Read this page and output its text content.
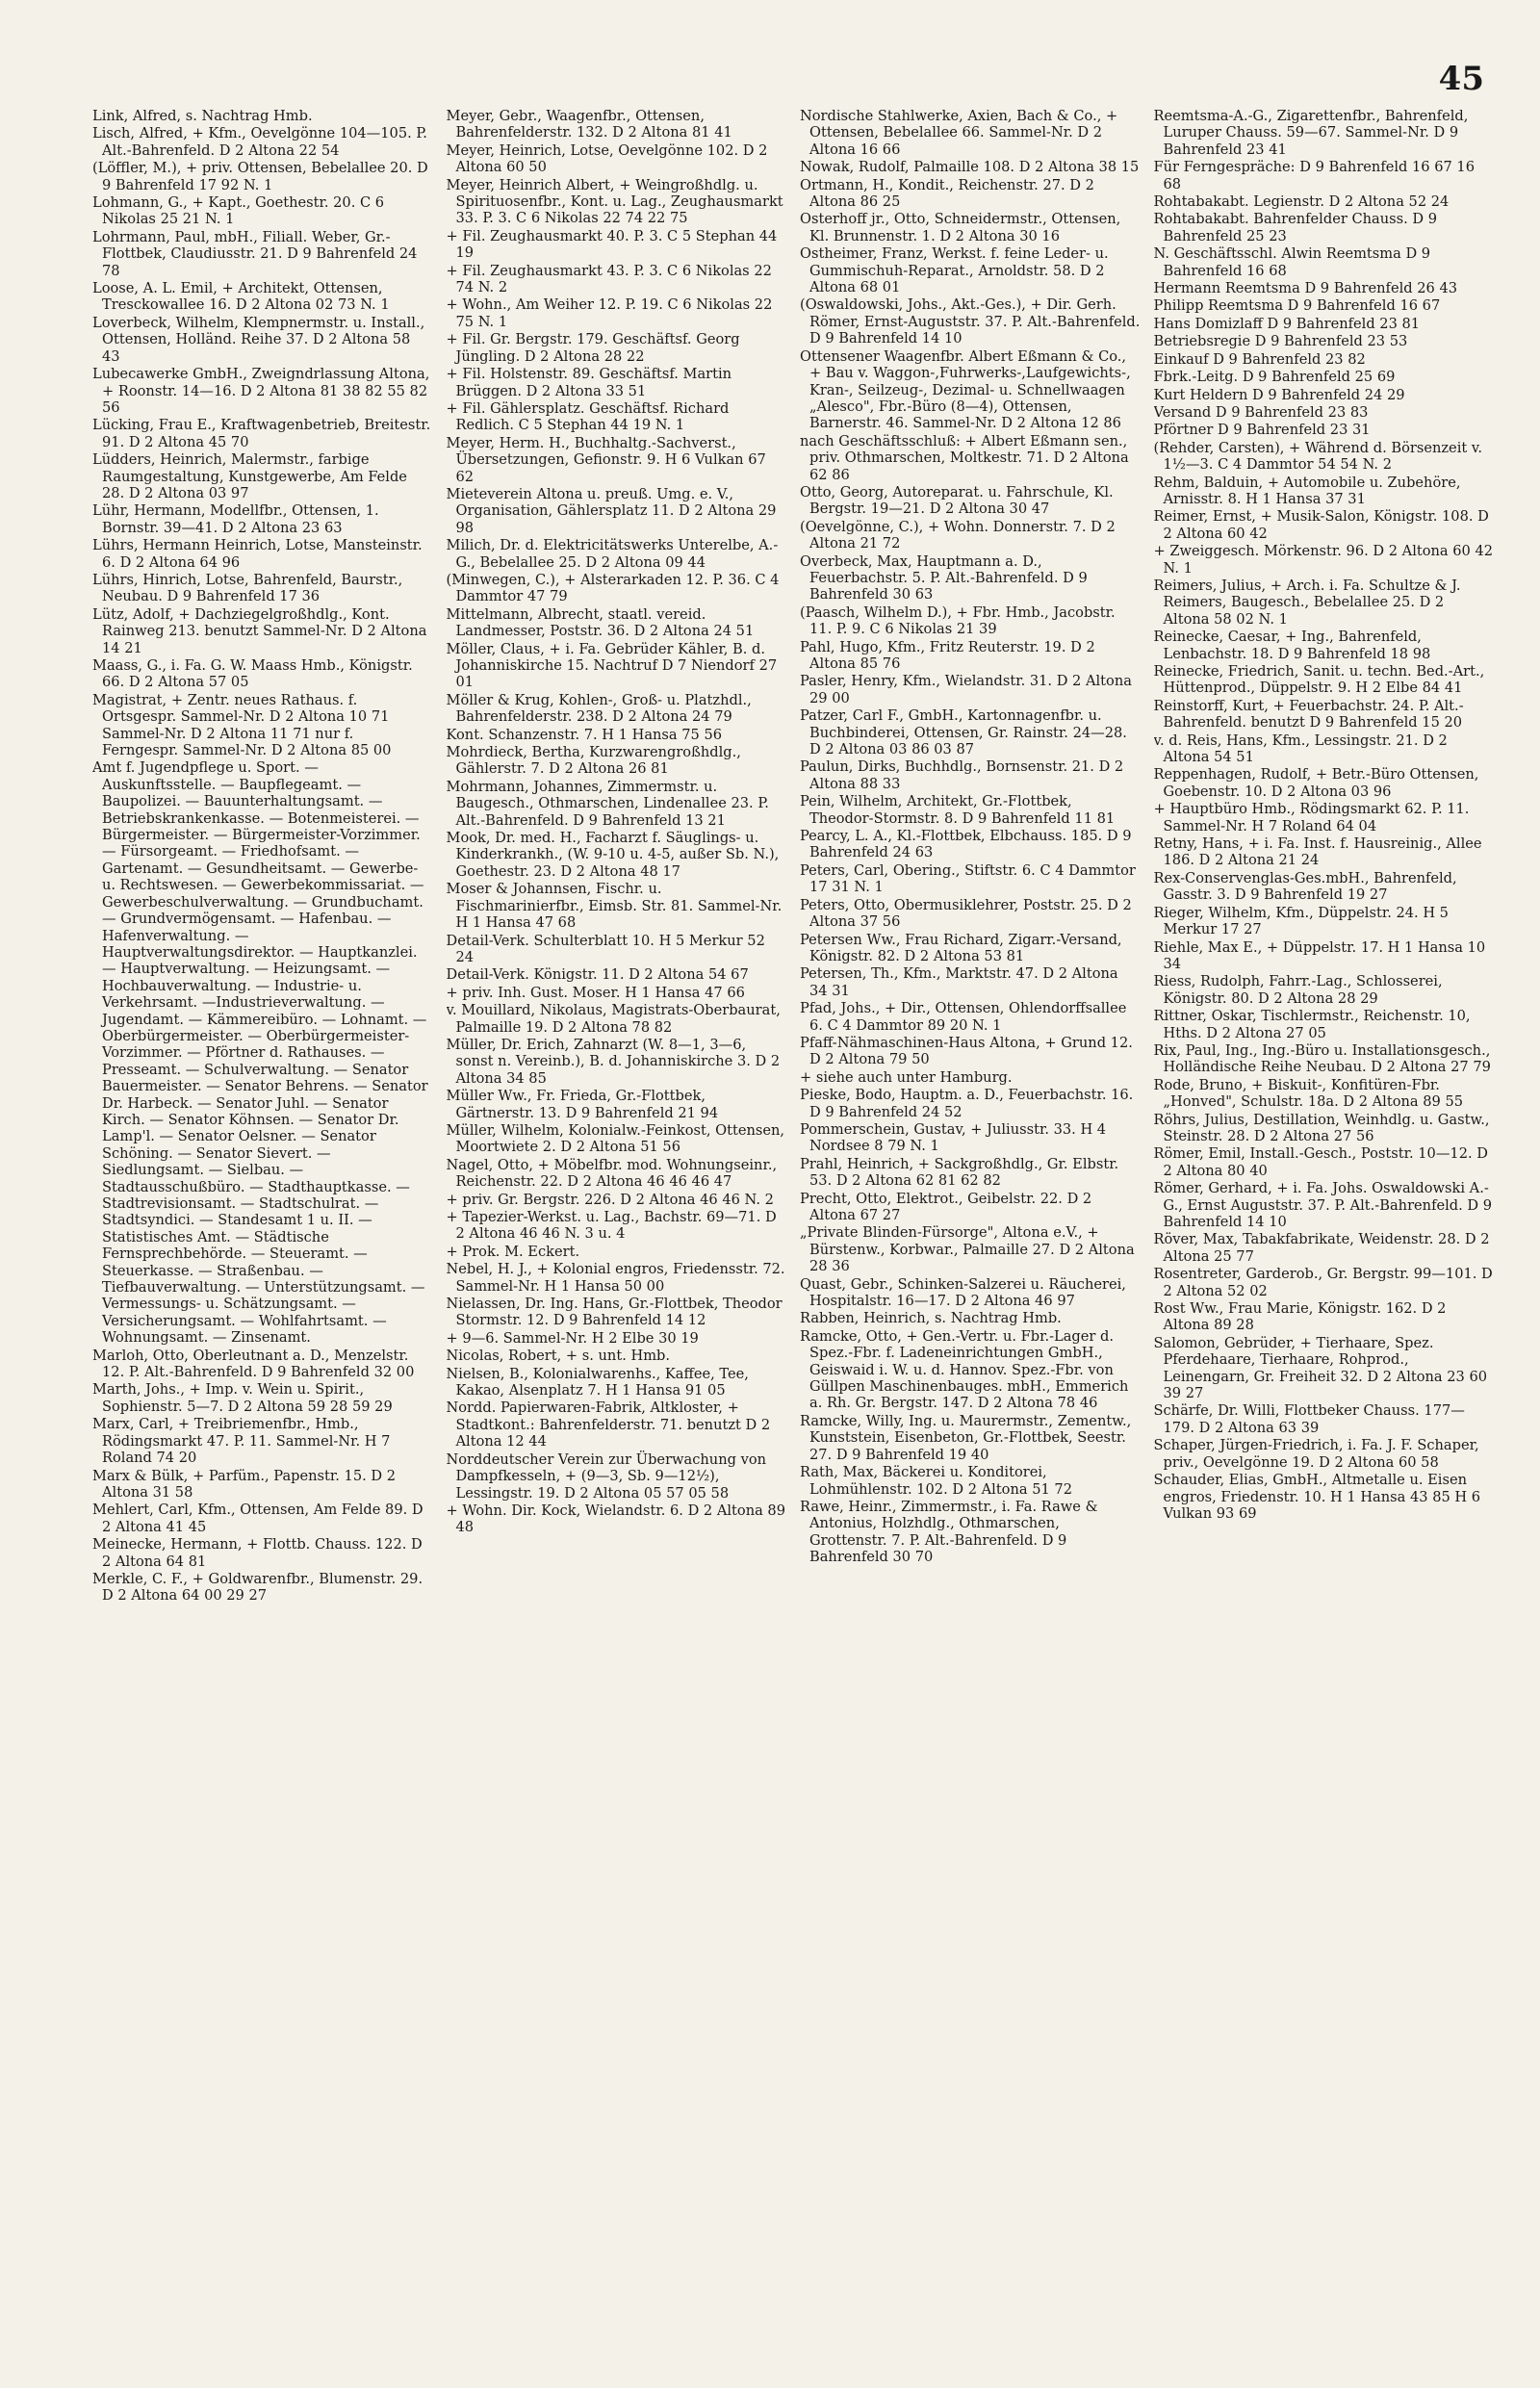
45

Link, Alfred, s. Nachtrag Hmb.

Lisch, Alfred, + Kfm., Oevelgönne 104—105. P. Alt.-Bahrenfeld. D 2 Altona 22 54

(Löffler, M.), + priv. Ottensen, Bebelallee 20. D 9 Bahrenfeld 17 92 N. 1

Lohmann, G., + Kapt., Goethestr. 20. C 6 Nikolas 25 21 N. 1

Lohrmann, Paul, mbH., Filiall. Weber, Gr.-Flottbek, Claudiusstr. 21. D 9 Bahrenfeld 24 78

Loose, A. L. Emil, + Architekt, Ottensen, Tresckowallee 16. D 2 Altona 02 73 N. 1

Loverbeck, Wilhelm, Klempnermstr. u. Install., Ottensen, Holländ. Reihe 37. D 2 Altona 58 43

Lubecawerke GmbH., Zweigndrlassung Altona, + Roonstr. 14—16. D 2 Altona 81 38 82 55 82 56

Lücking, Frau E., Kraftwagenbetrieb, Breitestr. 91. D 2 Altona 45 70

Lüdders, Heinrich, Malermstr., farbige Raumgestaltung, Kunstgewerbe, Am Felde 28. D 2 Altona 03 97

Lühr, Hermann, Modellfbr., Ottensen, 1. Bornstr. 39—41. D 2 Altona 23 63

Lührs, Hermann Heinrich, Lotse, Mansteinstr. 6. D 2 Altona 64 96

Lührs, Hinrich, Lotse, Bahrenfeld, Baurstr., Neubau. D 9 Bahrenfeld 17 36

Lütz, Adolf, + Dachziegelgroßhdlg., Kont. Rainweg 213. benutzt Sammel-Nr. D 2 Altona 14 21

Maass, G., i. Fa. G. W. Maass Hmb., Königstr. 66. D 2 Altona 57 05

Magistrat, + Zentr. neues Rathaus. f. Ortsgespr. Sammel-Nr. D 2 Altona 10 71 Sammel-Nr. D 2 Altona 11 71 nur f. Ferngespr. Sammel-Nr. D 2 Altona 85 00

Amt f. Jugendpflege u. Sport. — Auskunftsstelle. — Baupflegeamt. — Baupolizei. — Bauunterhaltungsamt. — Betriebskrankenkasse. — Botenmeisterei. — Bürgermeister. — Bürgermeister-Vorzimmer. — Fürsorgeamt. — Friedhofsamt. — Gartenamt. — Gesundheitsamt. — Gewerbe- u. Rechtswesen. — Gewerbekommissariat. — Gewerbeschulverwaltung. — Grundbuchamt. — Grundvermögensamt. — Hafenbau. — Hafenverwaltung. — Hauptverwaltungsdirektor. — Hauptkanzlei. — Hauptverwaltung. — Heizungsamt. — Hochbauverwaltung. — Industrie- u. Verkehrsamt. —Industrieverwaltung. — Jugendamt. — Kämmereibüro. — Lohnamt. — Oberbürgermeister. — Oberbürgermeister-Vorzimmer. — Pförtner d. Rathauses. — Presseamt. — Schulverwaltung. — Senator Bauermeister. — Senator Behrens. — Senator Dr. Harbeck. — Senator Juhl. — Senator Kirch. — Senator Köhnsen. — Senator Dr. Lamp'l. — Senator Oelsner. — Senator Schöning. — Senator Sievert. — Siedlungsamt. — Sielbau. — Stadtausschußbüro. — Stadthauptkasse. — Stadtrevisionsamt. — Stadtschulrat. — Stadtsyndici. — Standesamt 1 u. II. — Statistisches Amt. — Städtische Fernsprechbehörde. — Steueramt. — Steuerkasse. — Straßenbau. — Tiefbauverwaltung. — Unterstützungsamt. — Vermessungs- u. Schätzungsamt. — Versicherungsamt. — Wohlfahrtsamt. — Wohnungsamt. — Zinsenamt.

Marloh, Otto, Oberleutnant a. D., Menzelstr. 12. P. Alt.-Bahrenfeld. D 9 Bahrenfeld 32 00

Marth, Johs., + Imp. v. Wein u. Spirit., Sophienstr. 5—7. D 2 Altona 59 28 59 29

Marx, Carl, + Treibriemenfbr., Hmb., Rödingsmarkt 47. P. 11. Sammel-Nr. H 7 Roland 74 20

Marx & Bülk, + Parfüm., Papenstr. 15. D 2 Altona 31 58

Mehlert, Carl, Kfm., Ottensen, Am Felde 89. D 2 Altona 41 45

Meinecke, Hermann, + Flottb. Chauss. 122. D 2 Altona 64 81

Merkle, C. F., + Goldwarenfbr., Blumenstr. 29. D 2 Altona 64 00 29 27

Meyer, Gebr., Waagenfbr., Ottensen, Bahrenfelderstr. 132. D 2 Altona 81 41

Meyer, Heinrich, Lotse, Oevelgönne 102. D 2 Altona 60 50

Meyer, Heinrich Albert, + Weingroßhdlg. u. Spirituosenfbr., Kont. u. Lag., Zeughausmarkt 33. P. 3. C 6 Nikolas 22 74 22 75

+ Fil. Zeughausmarkt 40. P. 3. C 5 Stephan 44 19

+ Fil. Zeughausmarkt 43. P. 3. C 6 Nikolas 22 74 N. 2

+ Wohn., Am Weiher 12. P. 19. C 6 Nikolas 22 75 N. 1

+ Fil. Gr. Bergstr. 179. Geschäftsf. Georg Jüngling. D 2 Altona 28 22

+ Fil. Holstenstr. 89. Geschäftsf. Martin Brüggen. D 2 Altona 33 51

+ Fil. Gählersplatz. Geschäftsf. Richard Redlich. C 5 Stephan 44 19 N. 1

Meyer, Herm. H., Buchhaltg.-Sachverst., Übersetzungen, Gefionstr. 9. H 6 Vulkan 67 62

Mieteverein Altona u. preuß. Umg. e. V., Organisation, Gählersplatz 11. D 2 Altona 29 98

Milich, Dr. d. Elektricitätswerks Unterelbe, A.-G., Bebelallee 25. D 2 Altona 09 44

(Minwegen, C.), + Alsterarkaden 12. P. 36. C 4 Dammtor 47 79

Mittelmann, Albrecht, staatl. vereid. Landmesser, Poststr. 36. D 2 Altona 24 51

Möller, Claus, + i. Fa. Gebrüder Kähler, B. d. Johanniskirche 15. Nachtruf D 7 Niendorf 27 01

Möller & Krug, Kohlen-, Groß- u. Platzhdl., Bahrenfelderstr. 238. D 2 Altona 24 79

Kont. Schanzenstr. 7. H 1 Hansa 75 56

Mohrdieck, Bertha, Kurzwarengroßhdlg., Gählerstr. 7. D 2 Altona 26 81

Mohrmann, Johannes, Zimmermstr. u. Baugesch., Othmarschen, Lindenallee 23. P. Alt.-Bahrenfeld. D 9 Bahrenfeld 13 21

Mook, Dr. med. H., Facharzt f. Säuglings- u. Kinderkrankh., (W. 9-10 u. 4-5, außer Sb. N.), Goethestr. 23. D 2 Altona 48 17

Moser & Johannsen, Fischr. u. Fischmarinierfbr., Eimsb. Str. 81. Sammel-Nr. H 1 Hansa 47 68

Detail-Verk. Schulterblatt 10. H 5 Merkur 52 24

Detail-Verk. Königstr. 11. D 2 Altona 54 67

+ priv. Inh. Gust. Moser. H 1 Hansa 47 66

v. Mouillard, Nikolaus, Magistrats-Oberbaurat, Palmaille 19. D 2 Altona 78 82

Müller, Dr. Erich, Zahnarzt (W. 8—1, 3—6, sonst n. Vereinb.), B. d. Johanniskirche 3. D 2 Altona 34 85

Müller Ww., Fr. Frieda, Gr.-Flottbek, Gärtnerstr. 13. D 9 Bahrenfeld 21 94

Müller, Wilhelm, Kolonialw.-Feinkost, Ottensen, Moortwiete 2. D 2 Altona 51 56

Nagel, Otto, + Möbelfbr. mod. Wohnungseinr., Reichenstr. 22. D 2 Altona 46 46 46 47

+ priv. Gr. Bergstr. 226. D 2 Altona 46 46 N. 2

+ Tapezier-Werkst. u. Lag., Bachstr. 69—71. D 2 Altona 46 46 N. 3 u. 4

+ Prok. M. Eckert.

Nebel, H. J., + Kolonial engros, Friedensstr. 72. Sammel-Nr. H 1 Hansa 50 00

Nielassen, Dr. Ing. Hans, Gr.-Flottbek, Theodor Stormstr. 12. D 9 Bahrenfeld 14 12

+ 9—6. Sammel-Nr. H 2 Elbe 30 19

Nicolas, Robert, + s. unt. Hmb.

Nielsen, B., Kolonialwarenhs., Kaffee, Tee, Kakao, Alsenplatz 7. H 1 Hansa 91 05

Nordd. Papierwaren-Fabrik, Altkloster, + Stadtkont.: Bahrenfelderstr. 71. benutzt D 2 Altona 12 44

Norddeutscher Verein zur Überwachung von Dampfkesseln, + (9—3, Sb. 9—12½), Lessingstr. 19. D 2 Altona 05 57 05 58

+ Wohn. Dir. Kock, Wielandstr. 6. D 2 Altona 89 48

Nordische Stahlwerke, Axien, Bach & Co., + Ottensen, Bebelallee 66. Sammel-Nr. D 2 Altona 16 66

Nowak, Rudolf, Palmaille 108. D 2 Altona 38 15

Ortmann, H., Kondit., Reichenstr. 27. D 2 Altona 86 25

Osterhoff jr., Otto, Schneidermstr., Ottensen, Kl. Brunnenstr. 1. D 2 Altona 30 16

Ostheimer, Franz, Werkst. f. feine Leder- u. Gummischuh-Reparat., Arnoldstr. 58. D 2 Altona 68 01

(Oswaldowski, Johs., Akt.-Ges.), + Dir. Gerh. Römer, Ernst-Auguststr. 37. P. Alt.-Bahrenfeld. D 9 Bahrenfeld 14 10

Ottensener Waagenfbr. Albert Eßmann & Co., + Bau v. Waggon-,Fuhrwerks-,Laufgewichts-, Kran-, Seilzeug-, Dezimal- u. Schnellwaagen „Alesco", Fbr.-Büro (8—4), Ottensen, Barnerstr. 46. Sammel-Nr. D 2 Altona 12 86

nach Geschäftsschluß: + Albert Eßmann sen., priv. Othmarschen, Moltkestr. 71. D 2 Altona 62 86

Otto, Georg, Autoreparat. u. Fahrschule, Kl. Bergstr. 19—21. D 2 Altona 30 47

(Oevelgönne, C.), + Wohn. Donnerstr. 7. D 2 Altona 21 72

Overbeck, Max, Hauptmann a. D., Feuerbachstr. 5. P. Alt.-Bahrenfeld. D 9 Bahrenfeld 30 63

(Paasch, Wilhelm D.), + Fbr. Hmb., Jacobstr. 11. P. 9. C 6 Nikolas 21 39

Pahl, Hugo, Kfm., Fritz Reuterstr. 19. D 2 Altona 85 76

Pasler, Henry, Kfm., Wielandstr. 31. D 2 Altona 29 00

Patzer, Carl F., GmbH., Kartonnagenfbr. u. Buchbinderei, Ottensen, Gr. Rainstr. 24—28. D 2 Altona 03 86 03 87

Paulun, Dirks, Buchhdlg., Bornsenstr. 21. D 2 Altona 88 33

Pein, Wilhelm, Architekt, Gr.-Flottbek, Theodor-Stormstr. 8. D 9 Bahrenfeld 11 81

Pearcy, L. A., Kl.-Flottbek, Elbchauss. 185. D 9 Bahrenfeld 24 63

Peters, Carl, Obering., Stiftstr. 6. C 4 Dammtor 17 31 N. 1

Peters, Otto, Obermusiklehrer, Poststr. 25. D 2 Altona 37 56

Petersen Ww., Frau Richard, Zigarr.-Versand, Königstr. 82. D 2 Altona 53 81

Petersen, Th., Kfm., Marktstr. 47. D 2 Altona 34 31

Pfad, Johs., + Dir., Ottensen, Ohlendorffsallee 6. C 4 Dammtor 89 20 N. 1

Pfaff-Nähmaschinen-Haus Altona, + Grund 12. D 2 Altona 79 50

+ siehe auch unter Hamburg.

Pieske, Bodo, Hauptm. a. D., Feuerbachstr. 16. D 9 Bahrenfeld 24 52

Pommerschein, Gustav, + Juliusstr. 33. H 4 Nordsee 8 79 N. 1

Prahl, Heinrich, + Sackgroßhdlg., Gr. Elbstr. 53. D 2 Altona 62 81 62 82

Precht, Otto, Elektrot., Geibelstr. 22. D 2 Altona 67 27

„Private Blinden-Fürsorge", Altona e.V., + Bürstenw., Korbwar., Palmaille 27. D 2 Altona 28 36

Quast, Gebr., Schinken-Salzerei u. Räucherei, Hospitalstr. 16—17. D 2 Altona 46 97

Rabben, Heinrich, s. Nachtrag Hmb.

Ramcke, Otto, + Gen.-Vertr. u. Fbr.-Lager d. Spez.-Fbr. f. Ladeneinrichtungen GmbH., Geiswaid i. W. u. d. Hannov. Spez.-Fbr. von Güllpen Maschinenbauges. mbH., Emmerich a. Rh. Gr. Bergstr. 147. D 2 Altona 78 46

Ramcke, Willy, Ing. u. Maurermstr., Zementw., Kunststein, Eisenbeton, Gr.-Flottbek, Seestr. 27. D 9 Bahrenfeld 19 40

Rath, Max, Bäckerei u. Konditorei, Lohmühlenstr. 102. D 2 Altona 51 72

Rawe, Heinr., Zimmermstr., i. Fa. Rawe & Antonius, Holzhdlg., Othmarschen, Grottenstr. 7. P. Alt.-Bahrenfeld. D 9 Bahrenfeld 30 70

Reemtsma-A.-G., Zigarettenfbr., Bahrenfeld, Luruper Chauss. 59—67. Sammel-Nr. D 9 Bahrenfeld 23 41

Für Ferngespräche: D 9 Bahrenfeld 16 67 16 68

Rohtabakabt. Legienstr. D 2 Altona 52 24

Rohtabakabt. Bahrenfelder Chauss. D 9 Bahrenfeld 25 23

N. Geschäftsschl. Alwin Reemtsma D 9 Bahrenfeld 16 68

Hermann Reemtsma D 9 Bahrenfeld 26 43

Philipp Reemtsma D 9 Bahrenfeld 16 67

Hans Domizlaff D 9 Bahrenfeld 23 81

Betriebsregie D 9 Bahrenfeld 23 53

Einkauf D 9 Bahrenfeld 23 82

Fbrk.-Leitg. D 9 Bahrenfeld 25 69

Kurt Heldern D 9 Bahrenfeld 24 29

Versand D 9 Bahrenfeld 23 83

Pförtner D 9 Bahrenfeld 23 31

(Rehder, Carsten), + Während d. Börsenzeit v. 1½—3. C 4 Dammtor 54 54 N. 2

Rehm, Balduin, + Automobile u. Zubehöre, Arnisstr. 8. H 1 Hansa 37 31

Reimer, Ernst, + Musik-Salon, Königstr. 108. D 2 Altona 60 42

+ Zweiggesch. Mörkenstr. 96. D 2 Altona 60 42 N. 1

Reimers, Julius, + Arch. i. Fa. Schultze & J. Reimers, Baugesch., Bebelallee 25. D 2 Altona 58 02 N. 1

Reinecke, Caesar, + Ing., Bahrenfeld, Lenbachstr. 18. D 9 Bahrenfeld 18 98

Reinecke, Friedrich, Sanit. u. techn. Bed.-Art., Hüttenprod., Düppelstr. 9. H 2 Elbe 84 41

Reinstorff, Kurt, + Feuerbachstr. 24. P. Alt.-Bahrenfeld. benutzt D 9 Bahrenfeld 15 20

v. d. Reis, Hans, Kfm., Lessingstr. 21. D 2 Altona 54 51

Reppenhagen, Rudolf, + Betr.-Büro Ottensen, Goebenstr. 10. D 2 Altona 03 96

+ Hauptbüro Hmb., Rödingsmarkt 62. P. 11. Sammel-Nr. H 7 Roland 64 04

Retny, Hans, + i. Fa. Inst. f. Hausreinig., Allee 186. D 2 Altona 21 24

Rex-Conservenglas-Ges.mbH., Bahrenfeld, Gasstr. 3. D 9 Bahrenfeld 19 27

Rieger, Wilhelm, Kfm., Düppelstr. 24. H 5 Merkur 17 27

Riehle, Max E., + Düppelstr. 17. H 1 Hansa 10 34

Riess, Rudolph, Fahrr.-Lag., Schlosserei, Königstr. 80. D 2 Altona 28 29

Rittner, Oskar, Tischlermstr., Reichenstr. 10, Hths. D 2 Altona 27 05

Rix, Paul, Ing., Ing.-Büro u. Installationsgesch., Holländische Reihe Neubau. D 2 Altona 27 79

Rode, Bruno, + Biskuit-, Konfitüren-Fbr. „Honved", Schulstr. 18a. D 2 Altona 89 55

Röhrs, Julius, Destillation, Weinhdlg. u. Gastw., Steinstr. 28. D 2 Altona 27 56

Römer, Emil, Install.-Gesch., Poststr. 10—12. D 2 Altona 80 40

Römer, Gerhard, + i. Fa. Johs. Oswaldowski A.-G., Ernst Auguststr. 37. P. Alt.-Bahrenfeld. D 9 Bahrenfeld 14 10

Röver, Max, Tabakfabrikate, Weidenstr. 28. D 2 Altona 25 77

Rosentreter, Garderob., Gr. Bergstr. 99—101. D 2 Altona 52 02

Rost Ww., Frau Marie, Königstr. 162. D 2 Altona 89 28

Salomon, Gebrüder, + Tierhaare, Spez. Pferdehaare, Tierhaare, Rohprod., Leinengarn, Gr. Freiheit 32. D 2 Altona 23 60 39 27

Schärfe, Dr. Willi, Flottbeker Chauss. 177—179. D 2 Altona 63 39

Schaper, Jürgen-Friedrich, i. Fa. J. F. Schaper, priv., Oevelgönne 19. D 2 Altona 60 58

Schauder, Elias, GmbH., Altmetalle u. Eisen engros, Friedenstr. 10. H 1 Hansa 43 85 H 6 Vulkan 93 69
